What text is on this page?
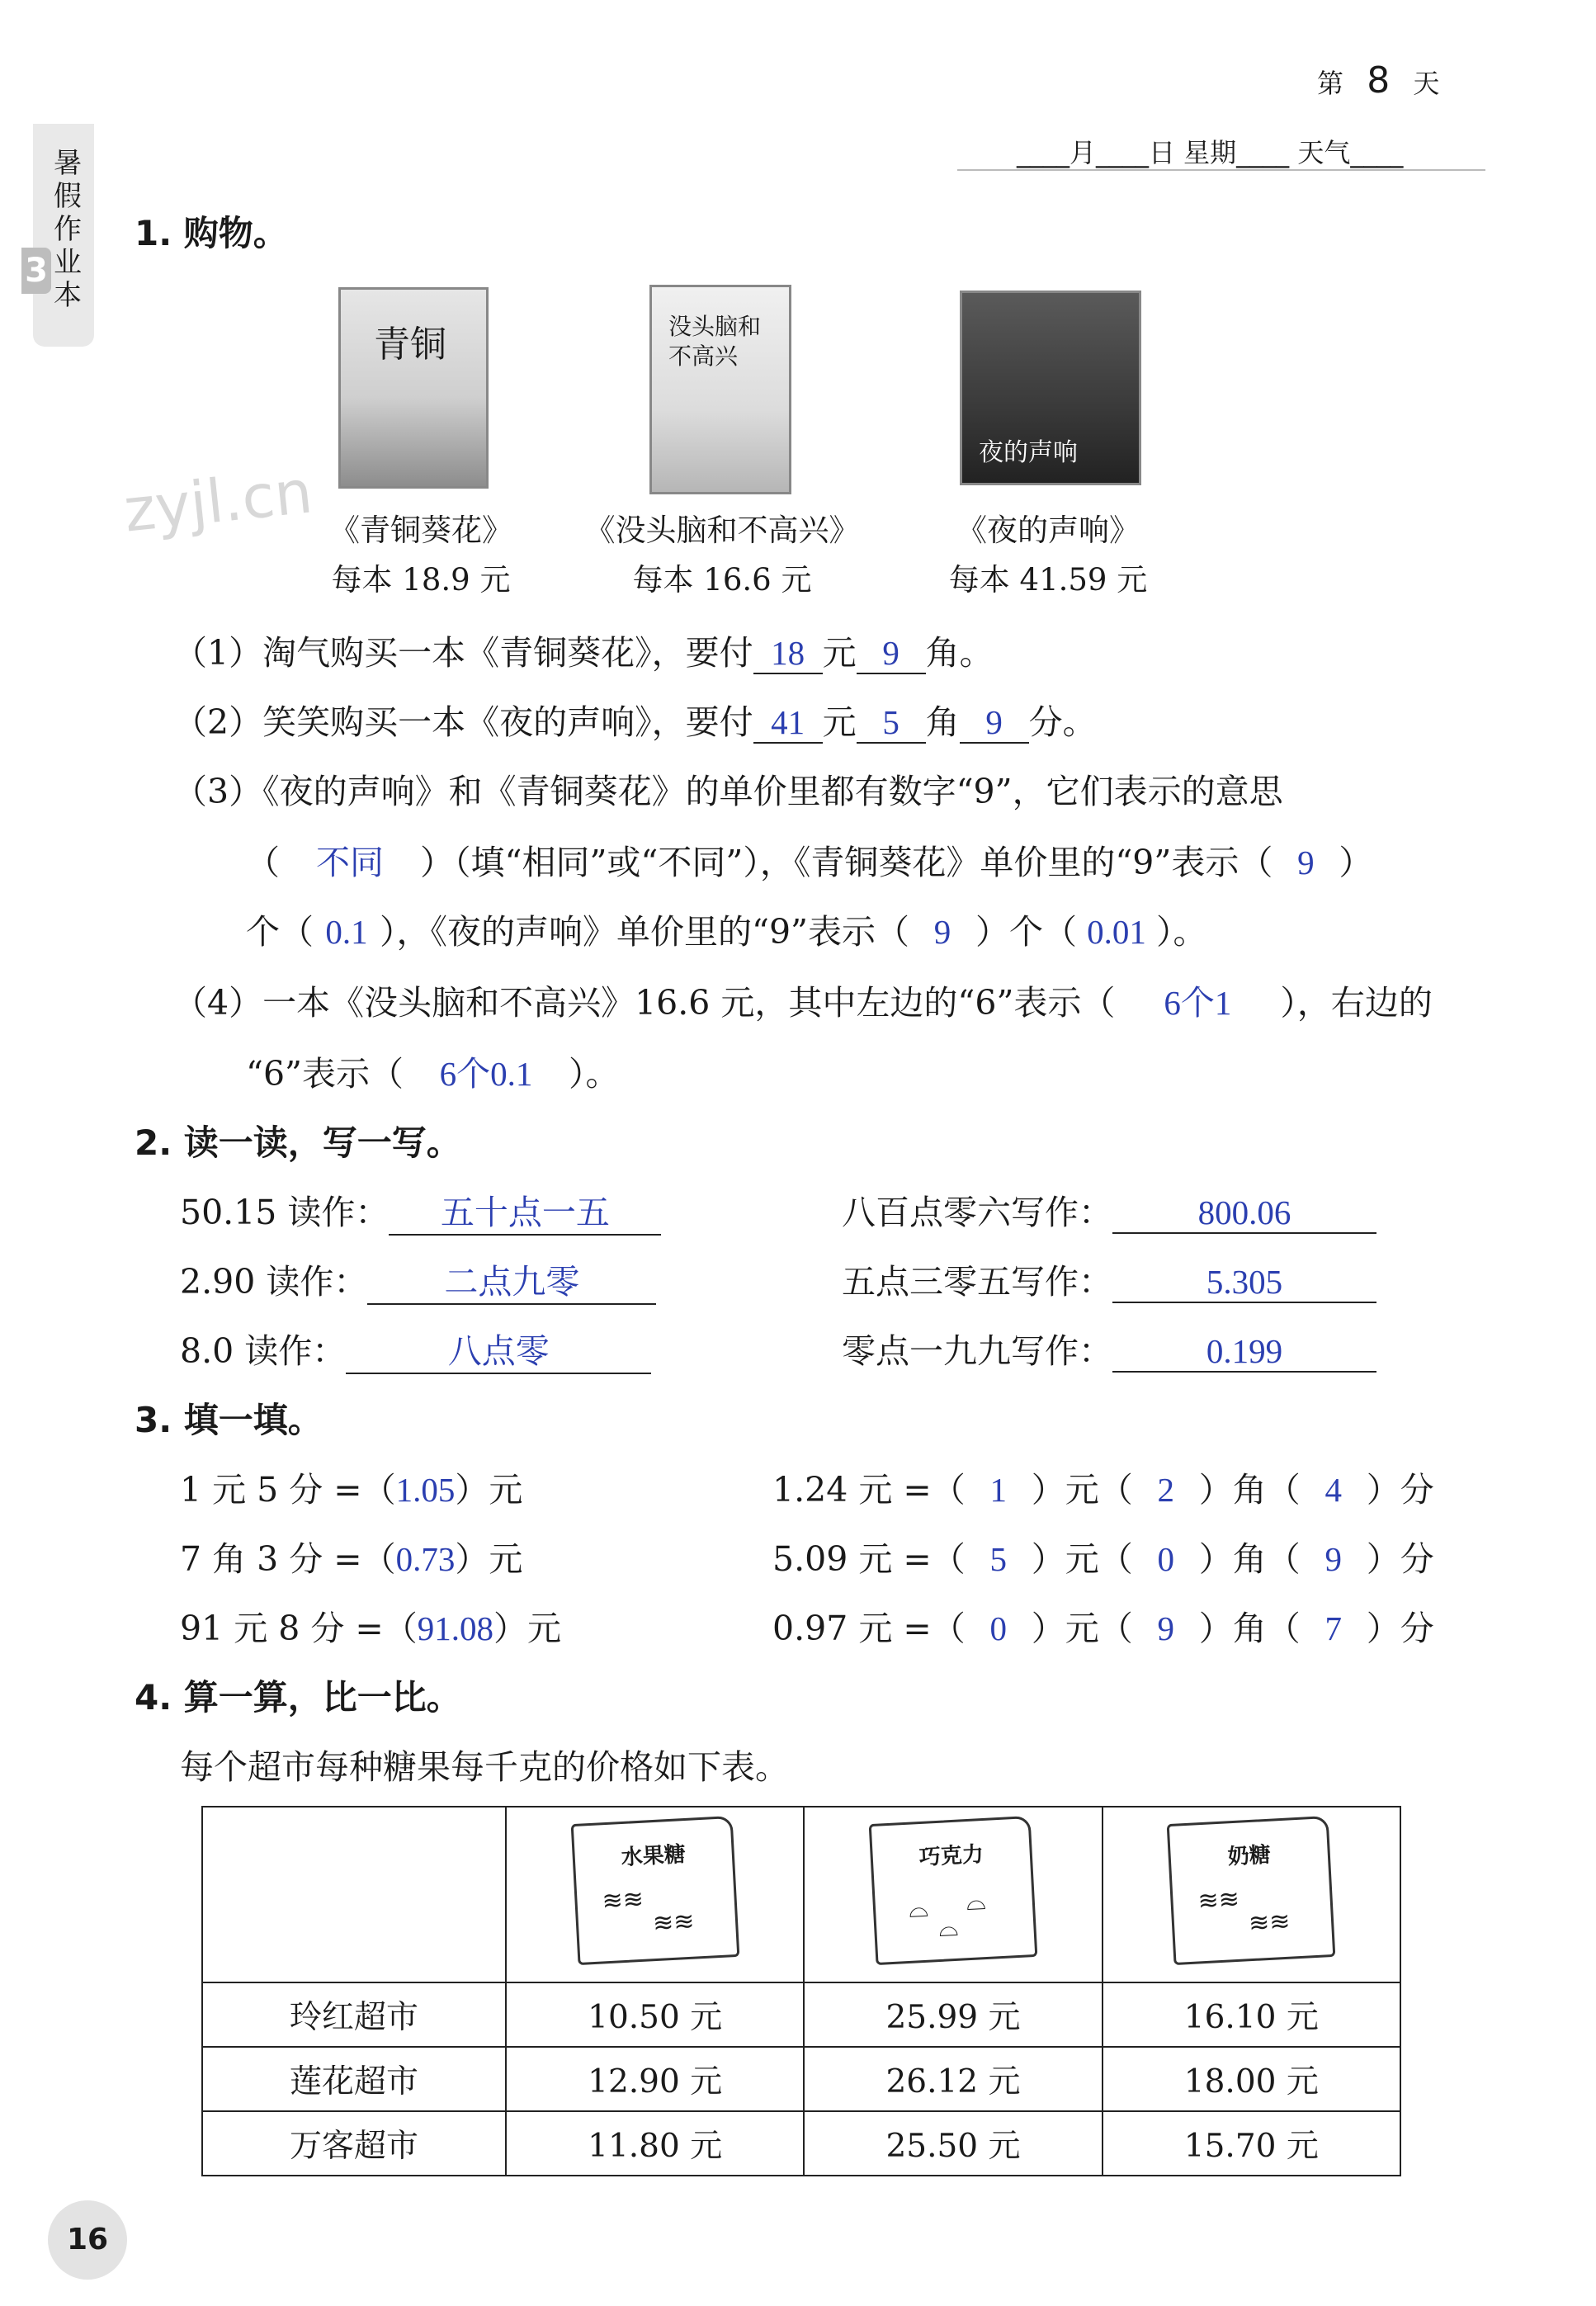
第 8 天
____月____日 星期____ 天气____
暑假作业本
3
zyjl.cn
1. 购物。
青铜	没头脑和不高兴
夜的声响
《青铜葵花》
每本 18.9 元
《没头脑和不高兴》
每本 16.6 元
《夜的声响》
每本 41.59 元
（1）淘气购买一本《青铜葵花》，要付 18 元 9 角。
（2）笑笑购买一本《夜的声响》，要付 41 元 5 角 9 分。
（3）《夜的声响》和《青铜葵花》的单价里都有数字“9”，它们表示的意思
（ 不同 ）（填“相同”或“不同”），《青铜葵花》单价里的“9”表示（ 9 ）
个（ 0.1 ），《夜的声响》单价里的“9”表示（ 9 ）个（ 0.01 ）。
（4）一本《没头脑和不高兴》16.6 元，其中左边的“6”表示（ 6个1 ），右边的
“6”表示（ 6个0.1 ）。
2. 读一读，写一写。
50.15 读作： 五十点一五
2.90 读作： 二点九零
8.0 读作：	八点零
八百点零六写作：	800.06
五点三零五写作：	5.305
零点一九九写作：	0.199
3. 填一填。
1 元 5 分 =（1.05）元
7 角 3 分 =（0.73）元
91 元 8 分 =（91.08）元
1.24 元 =（ 1 ）元（ 2 ）角（ 4 ）分
5.09 元 =（ 5 ）元（ 0 ）角（ 9 ）分
0.97 元 =（ 0 ）元（ 9 ）角（ 7 ）分
4. 算一算，比一比。
每个超市每种糖果每千克的价格如下表。

	水果糖
≋≋
≋≋	巧克力
⌓ ⌓
⌓	奶糖
≋≋
≋≋

玲红超市	10.50 元	25.99 元	16.10 元
莲花超市	12.90 元	26.12 元	18.00 元
万客超市	11.80 元	25.50 元	15.70 元
16
